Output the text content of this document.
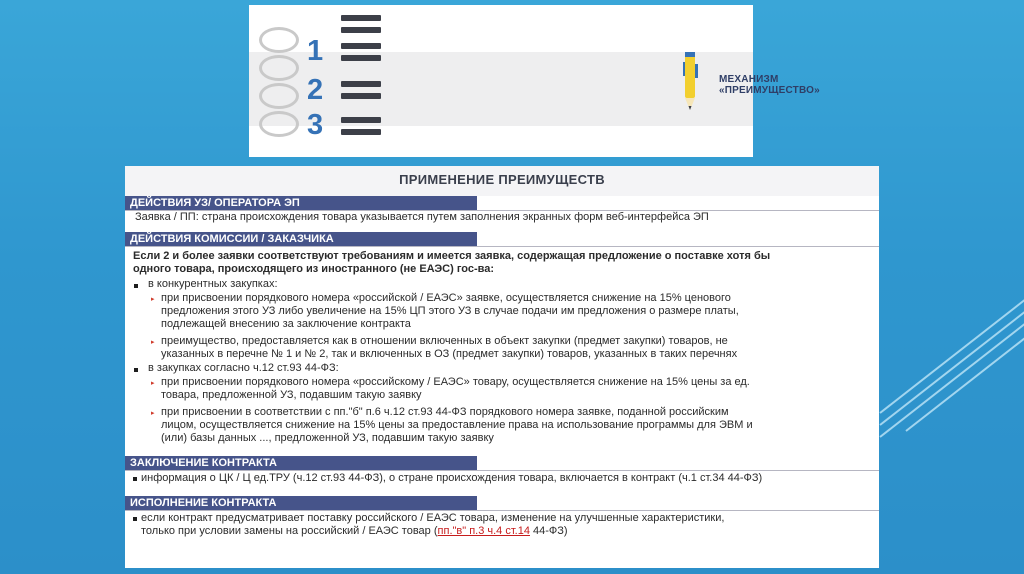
1
2
3
МЕХАНИЗМ «ПРЕИМУЩЕСТВО»
ПРИМЕНЕНИЕ ПРЕИМУЩЕСТВ
ДЕЙСТВИЯ УЗ/ ОПЕРАТОРА ЭП
Заявка / ПП: страна происхождения товара указывается путем заполнения экранных форм веб-интерфейса ЭП
ДЕЙСТВИЯ КОМИССИИ / ЗАКАЗЧИКА
Если 2 и более заявки соответствуют требованиям и имеется заявка, содержащая предложение о поставке хотя бы
одного товара, происходящего из иностранного (не ЕАЭС) гос-ва:
в конкурентных закупках:
▸ при присвоении порядкового номера «российской / ЕАЭС» заявке, осуществляется снижение на 15% ценового
предложения этого УЗ либо увеличение на 15% ЦП этого УЗ в случае подачи им предложения о размере платы,
подлежащей внесению за заключение контракта
▸ преимущество, предоставляется как в отношении включенных в объект закупки (предмет закупки) товаров, не
указанных в перечне № 1 и № 2, так и включенных в ОЗ (предмет закупки) товаров, указанных в таких перечнях
в закупках согласно ч.12 ст.93 44-ФЗ:
▸ при присвоении порядкового номера «российскому / ЕАЭС» товару, осуществляется снижение на 15% цены за ед.
товара, предложенной УЗ, подавшим такую заявку
▸ при присвоении в соответствии с пп."б" п.6 ч.12 ст.93 44-ФЗ порядкового номера заявке, поданной российским
лицом, осуществляется снижение на 15% цены за предоставление права на использование программы для ЭВМ и
(или) базы данных ..., предложенной УЗ, подавшим такую заявку
ЗАКЛЮЧЕНИЕ КОНТРАКТА
информация о ЦК / Ц ед.ТРУ (ч.12 ст.93 44-ФЗ), о стране происхождения товара, включается в контракт (ч.1 ст.34 44-ФЗ)
ИСПОЛНЕНИЕ КОНТРАКТА
если контракт предусматривает поставку российского / ЕАЭС товара, изменение на улучшенные характеристики,
только при условии замены на российский / ЕАЭС товар (пп."в" п.3 ч.4 ст.14 44-ФЗ)
